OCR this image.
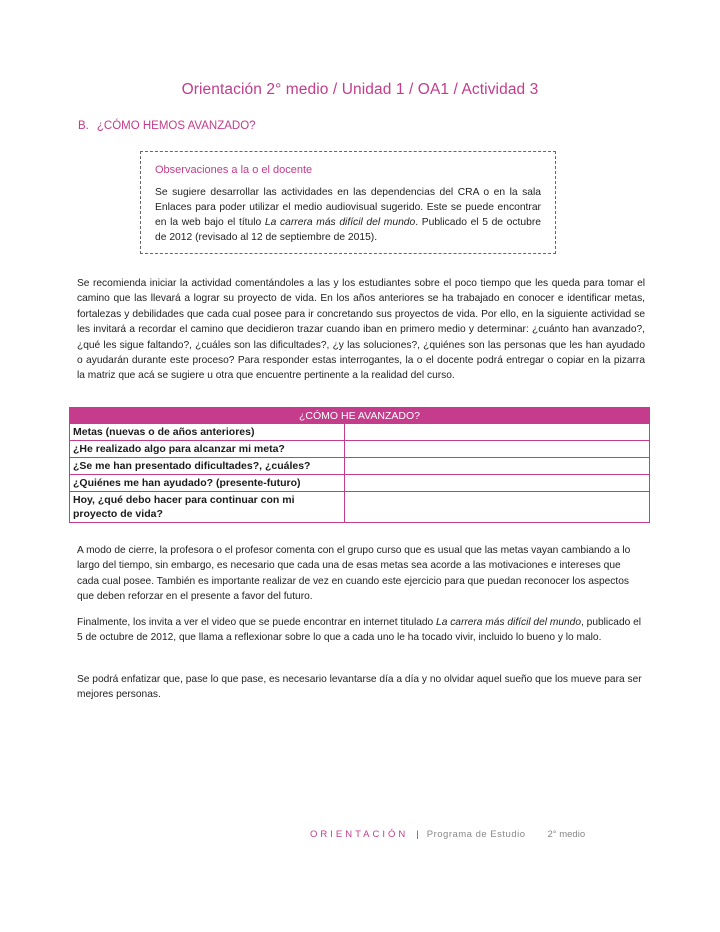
Orientación 2° medio / Unidad 1 / OA1 / Actividad 3
B. ¿CÓMO HEMOS AVANZADO?
Observaciones a la o el docente
Se sugiere desarrollar las actividades en las dependencias del CRA o en la sala Enlaces para poder utilizar el medio audiovisual sugerido. Este se puede encontrar en la web bajo el título La carrera más difícil del mundo. Publicado el 5 de octubre de 2012 (revisado al 12 de septiembre de 2015).
Se recomienda iniciar la actividad comentándoles a las y los estudiantes sobre el poco tiempo que les queda para tomar el camino que las llevará a lograr su proyecto de vida. En los años anteriores se ha trabajado en conocer e identificar metas, fortalezas y debilidades que cada cual posee para ir concretando sus proyectos de vida. Por ello, en la siguiente actividad se les invitará a recordar el camino que decidieron trazar cuando iban en primero medio y determinar: ¿cuánto han avanzado?, ¿qué les sigue faltando?, ¿cuáles son las dificultades?, ¿y las soluciones?, ¿quiénes son las personas que les han ayudado o ayudarán durante este proceso? Para responder estas interrogantes, la o el docente podrá entregar o copiar en la pizarra la matriz que acá se sugiere u otra que encuentre pertinente a la realidad del curso.
¿CÓMO HE AVANZADO?	
Metas (nuevas o de años anteriores)	
¿He realizado algo para alcanzar mi meta?	
¿Se me han presentado dificultades?, ¿cuáles?	
¿Quiénes me han ayudado? (presente-futuro)	
Hoy, ¿qué debo hacer para continuar con mi proyecto de vida?	

A modo de cierre, la profesora o el profesor comenta con el grupo curso que es usual que las metas vayan cambiando a lo largo del tiempo, sin embargo, es necesario que cada una de esas metas sea acorde a las motivaciones e intereses que cada cual posee. También es importante realizar de vez en cuando este ejercicio para que puedan reconocer los aspectos que deben reforzar en el presente a favor del futuro.

Finalmente, los invita a ver el video que se puede encontrar en internet titulado La carrera más difícil del mundo, publicado el 5 de octubre de 2012, que llama a reflexionar sobre lo que a cada uno le ha tocado vivir, incluido lo bueno y lo malo.

Se podrá enfatizar que, pase lo que pase, es necesario levantarse día a día y no olvidar aquel sueño que los mueve para ser mejores personas.

ORIENTACIÓN | Programa de Estudio 2° medio
